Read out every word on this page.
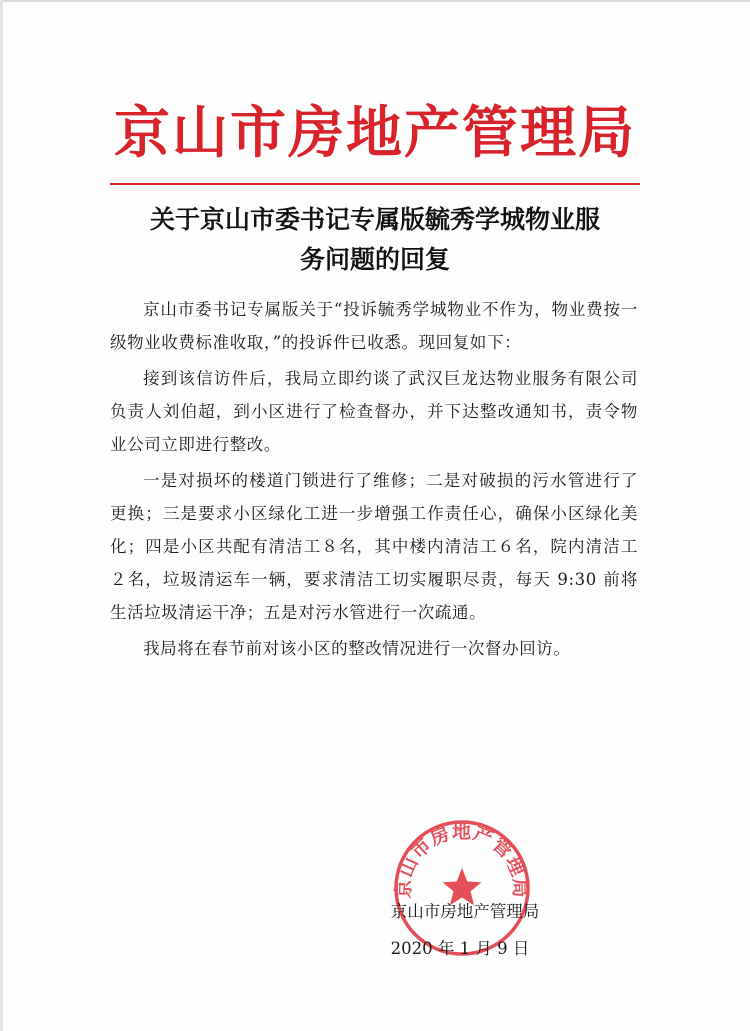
京山市房地产管理局
关于京山市委书记专属版毓秀学城物业服
务问题的回复

京山市委书记专属版关于“投诉毓秀学城物业不作为，物业费按一级物业收费标准收取，”的投诉件已收悉。现回复如下：

接到该信访件后，我局立即约谈了武汉巨龙达物业服务有限公司负责人刘伯超，到小区进行了检查督办，并下达整改通知书，责令物业公司立即进行整改。

一是对损坏的楼道门锁进行了维修；二是对破损的污水管进行了更换；三是要求小区绿化工进一步增强工作责任心，确保小区绿化美化；四是小区共配有清洁工８名，其中楼内清洁工６名，院内清洁工２名，垃圾清运车一辆，要求清洁工切实履职尽责，每天 9:30 前将生活垃圾清运干净；五是对污水管进行一次疏通。

我局将在春节前对该小区的整改情况进行一次督办回访。

京山市房地产管理局
京山市房地产管理局
2020 年 1 月 9 日
